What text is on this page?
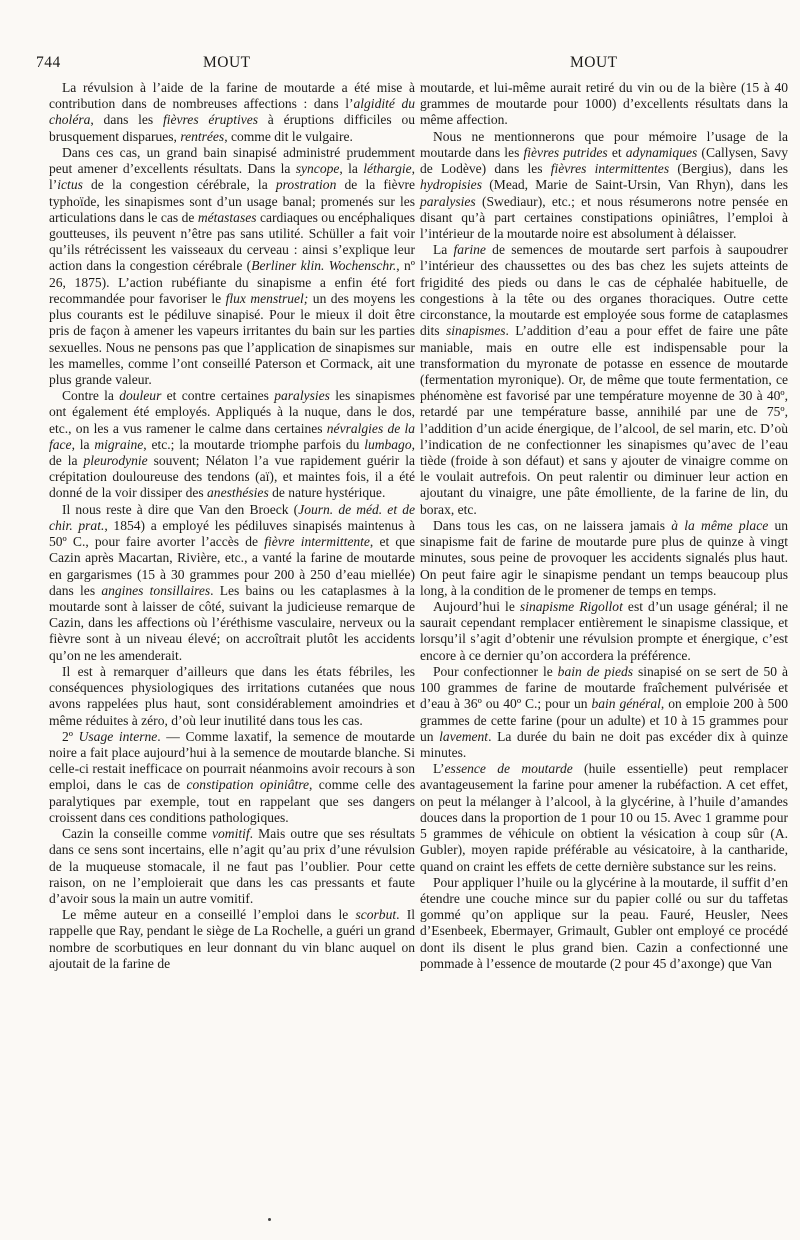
744	MOUT	MOUT

La révulsion à l’aide de la farine de moutarde a été mise à contribution dans de nombreuses affections : dans l’algidité du choléra, dans les fièvres éruptives à éruptions difficiles ou brusquement disparues, rentrées, comme dit le vulgaire.

Dans ces cas, un grand bain sinapisé administré prudemment peut amener d’excellents résultats. Dans la syncope, la léthargie, l’ictus de la congestion cérébrale, la prostration de la fièvre typhoïde, les sinapismes sont d’un usage banal; promenés sur les articulations dans le cas de métastases cardiaques ou encéphaliques goutteuses, ils peuvent n’être pas sans utilité. Schüller a fait voir qu’ils rétrécissent les vaisseaux du cerveau : ainsi s’explique leur action dans la congestion cérébrale (Berliner klin. Wochenschr., nº 26, 1875). L’action rubéfiante du sinapisme a enfin été fort recommandée pour favoriser le flux menstruel; un des moyens les plus courants est le pédiluve sinapisé. Pour le mieux il doit être pris de façon à amener les vapeurs irritantes du bain sur les parties sexuelles. Nous ne pensons pas que l’application de sinapismes sur les mamelles, comme l’ont conseillé Paterson et Cormack, ait une plus grande valeur.

Contre la douleur et contre certaines paralysies les sinapismes ont également été employés. Appliqués à la nuque, dans le dos, etc., on les a vus ramener le calme dans certaines névralgies de la face, la migraine, etc.; la moutarde triomphe parfois du lumbago, de la pleurodynie souvent; Nélaton l’a vue rapidement guérir la crépitation douloureuse des tendons (aï), et maintes fois, il a été donné de la voir dissiper des anesthésies de nature hystérique.

Il nous reste à dire que Van den Broeck (Journ. de méd. et de chir. prat., 1854) a employé les pédiluves sinapisés maintenus à 50º C., pour faire avorter l’accès de fièvre intermittente, et que Cazin après Macartan, Rivière, etc., a vanté la farine de moutarde en gargarismes (15 à 30 grammes pour 200 à 250 d’eau miellée) dans les angines tonsillaires. Les bains ou les cataplasmes à la moutarde sont à laisser de côté, suivant la judicieuse remarque de Cazin, dans les affections où l’éréthisme vasculaire, nerveux ou la fièvre sont à un niveau élevé; on accroîtrait plutôt les accidents qu’on ne les amenderait.

Il est à remarquer d’ailleurs que dans les états fébriles, les conséquences physiologiques des irritations cutanées que nous avons rappelées plus haut, sont considérablement amoindries et même réduites à zéro, d’où leur inutilité dans tous les cas.

2º Usage interne. — Comme laxatif, la semence de moutarde noire a fait place aujourd’hui à la semence de moutarde blanche. Si celle-ci restait inefficace on pourrait néanmoins avoir recours à son emploi, dans le cas de constipation opiniâtre, comme celle des paralytiques par exemple, tout en rappelant que ses dangers croissent dans ces conditions pathologiques.

Cazin la conseille comme vomitif. Mais outre que ses résultats dans ce sens sont incertains, elle n’agit qu’au prix d’une révulsion de la muqueuse stomacale, il ne faut pas l’oublier. Pour cette raison, on ne l’emploierait que dans les cas pressants et faute d’avoir sous la main un autre vomitif.

Le même auteur en a conseillé l’emploi dans le scorbut. Il rappelle que Ray, pendant le siège de La Rochelle, a guéri un grand nombre de scorbutiques en leur donnant du vin blanc auquel on ajoutait de la farine de

moutarde, et lui-même aurait retiré du vin ou de la bière (15 à 40 grammes de moutarde pour 1000) d’excellents résultats dans la même affection.

Nous ne mentionnerons que pour mémoire l’usage de la moutarde dans les fièvres putrides et adynamiques (Callysen, Savy de Lodève) dans les fièvres intermittentes (Bergius), dans les hydropisies (Mead, Marie de Saint-Ursin, Van Rhyn), dans les paralysies (Swediaur), etc.; et nous résumerons notre pensée en disant qu’à part certaines constipations opiniâtres, l’emploi à l’intérieur de la moutarde noire est absolument à délaisser.

La farine de semences de moutarde sert parfois à saupoudrer l’intérieur des chaussettes ou des bas chez les sujets atteints de frigidité des pieds ou dans le cas de céphalée habituelle, de congestions à la tête ou des organes thoraciques. Outre cette circonstance, la moutarde est employée sous forme de cataplasmes dits sinapismes. L’addition d’eau a pour effet de faire une pâte maniable, mais en outre elle est indispensable pour la transformation du myronate de potasse en essence de moutarde (fermentation myronique). Or, de même que toute fermentation, ce phénomène est favorisé par une température moyenne de 30 à 40º, retardé par une température basse, annihilé par une de 75º, l’addition d’un acide énergique, de l’alcool, de sel marin, etc. D’où l’indication de ne confectionner les sinapismes qu’avec de l’eau tiède (froide à son défaut) et sans y ajouter de vinaigre comme on le voulait autrefois. On peut ralentir ou diminuer leur action en ajoutant du vinaigre, une pâte émolliente, de la farine de lin, du borax, etc.

Dans tous les cas, on ne laissera jamais à la même place un sinapisme fait de farine de moutarde pure plus de quinze à vingt minutes, sous peine de provoquer les accidents signalés plus haut. On peut faire agir le sinapisme pendant un temps beaucoup plus long, à la condition de le promener de temps en temps.

Aujourd’hui le sinapisme Rigollot est d’un usage général; il ne saurait cependant remplacer entièrement le sinapisme classique, et lorsqu’il s’agit d’obtenir une révulsion prompte et énergique, c’est encore à ce dernier qu’on accordera la préférence.

Pour confectionner le bain de pieds sinapisé on se sert de 50 à 100 grammes de farine de moutarde fraîchement pulvérisée et d’eau à 36º ou 40º C.; pour un bain général, on emploie 200 à 500 grammes de cette farine (pour un adulte) et 10 à 15 grammes pour un lavement. La durée du bain ne doit pas excéder dix à quinze minutes.

L’essence de moutarde (huile essentielle) peut remplacer avantageusement la farine pour amener la rubéfaction. A cet effet, on peut la mélanger à l’alcool, à la glycérine, à l’huile d’amandes douces dans la proportion de 1 pour 10 ou 15. Avec 1 gramme pour 5 grammes de véhicule on obtient la vésication à coup sûr (A. Gubler), moyen rapide préférable au vésicatoire, à la cantharide, quand on craint les effets de cette dernière substance sur les reins.

Pour appliquer l’huile ou la glycérine à la moutarde, il suffit d’en étendre une couche mince sur du papier collé ou sur du taffetas gommé qu’on applique sur la peau. Fauré, Heusler, Nees d’Esenbeek, Ebermayer, Grimault, Gubler ont employé ce procédé dont ils disent le plus grand bien. Cazin a confectionné une pommade à l’essence de moutarde (2 pour 45 d’axonge) que Van
